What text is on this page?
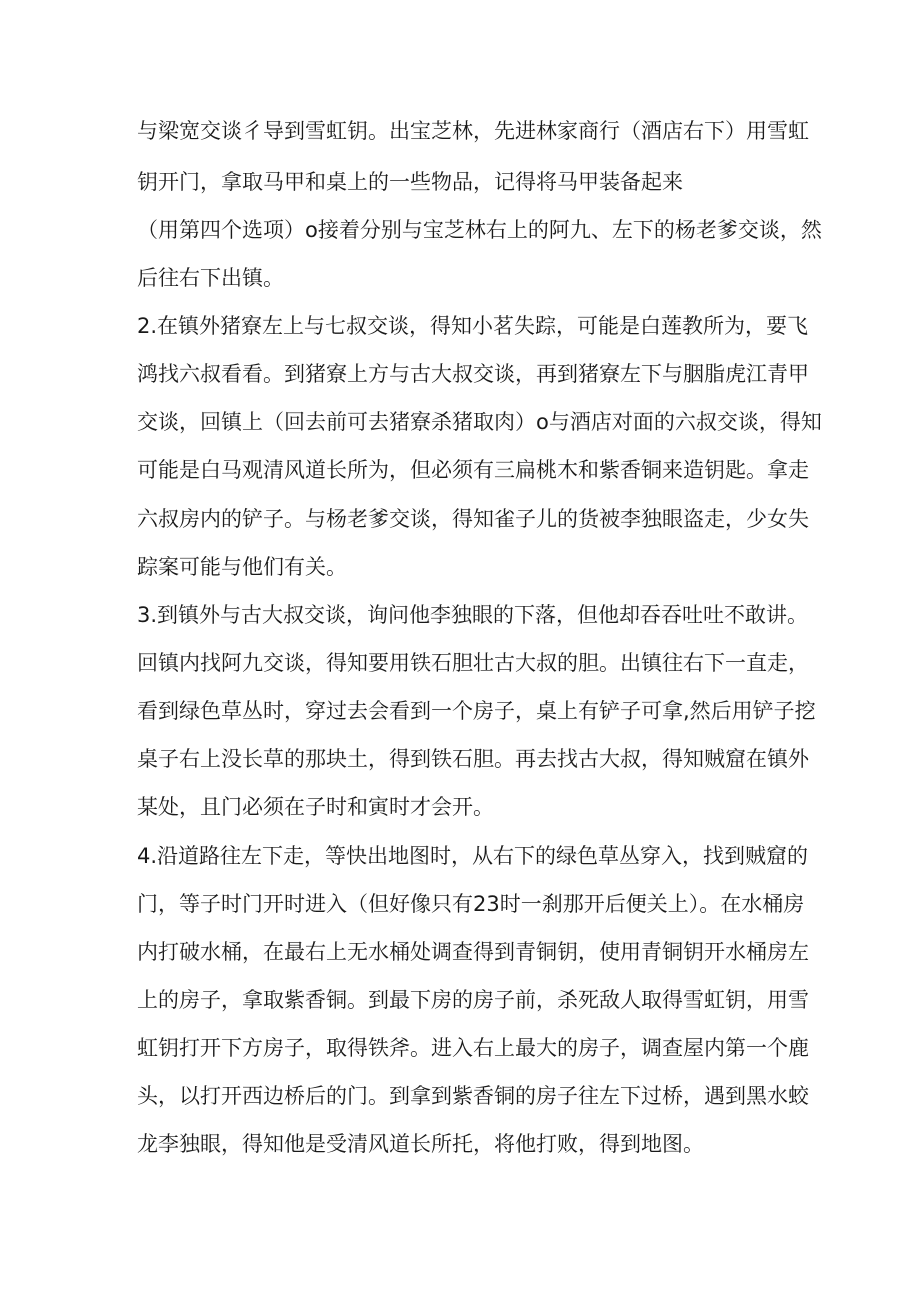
与梁宽交谈彳导到雪虹钥。出宝芝林，先进林家商行（酒店右下）用雪虹
钥开门，拿取马甲和桌上的一些物品，记得将马甲装备起来
（用第四个选项）o接着分别与宝芝林右上的阿九、左下的杨老爹交谈，然
后往右下出镇。
2.在镇外猪寮左上与七叔交谈，得知小茗失踪，可能是白莲教所为，要飞
鸿找六叔看看。到猪寮上方与古大叔交谈，再到猪寮左下与胭脂虎江青甲
交谈，回镇上（回去前可去猪寮杀猪取肉）o与酒店对面的六叔交谈，得知
可能是白马观清风道长所为，但必须有三扁桃木和紫香铜来造钥匙。拿走
六叔房内的铲子。与杨老爹交谈，得知雀子儿的货被李独眼盗走，少女失
踪案可能与他们有关。
3.到镇外与古大叔交谈，询问他李独眼的下落，但他却吞吞吐吐不敢讲。
回镇内找阿九交谈，得知要用铁石胆壮古大叔的胆。出镇往右下一直走，
看到绿色草丛时，穿过去会看到一个房子，桌上有铲子可拿,然后用铲子挖
桌子右上没长草的那块土，得到铁石胆。再去找古大叔，得知贼窟在镇外
某处，且门必须在子时和寅时才会开。
4.沿道路往左下走，等快出地图时，从右下的绿色草丛穿入，找到贼窟的
门，等子时门开时进入（但好像只有23时一刹那开后便关上）。在水桶房
内打破水桶，在最右上无水桶处调查得到青铜钥，使用青铜钥开水桶房左
上的房子，拿取紫香铜。到最下房的房子前，杀死敌人取得雪虹钥，用雪
虹钥打开下方房子，取得铁斧。进入右上最大的房子，调查屋内第一个鹿
头，以打开西边桥后的门。到拿到紫香铜的房子往左下过桥，遇到黑水蛟
龙李独眼，得知他是受清风道长所托，将他打败，得到地图。
